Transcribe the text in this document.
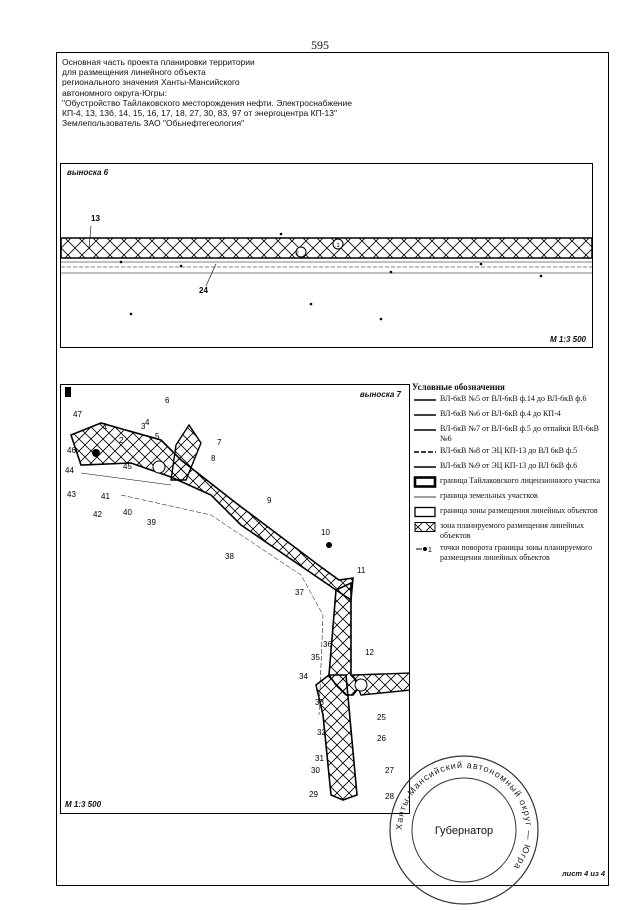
595
Основная часть проекта планировки территории
для размещения линейного объекта
регионального значения Ханты-Мансийского
автономного округа-Югры:
"Обустройство Тайлаковского месторождения нефти. Электроснабжение
КП-4, 13, 13б, 14, 15, 16, 17, 18, 27, 30, 83, 97 от энергоцентра КП-13"
Землепользователь ЗАО "Обьнефтегеология"
выноска 6
13
24
2
1
М 1:3 500
1
2
3 4
5
6
7
8
9
10
11
12
25
26
27
28
29
30
31
32
33
34
35
36
37
38
39
40
41
42
43
44	45
46
47
выноска 7
М 1:3 500
Условные обозначения
ВЛ-6кВ №5 от ВЛ-6кВ ф.14 до ВЛ-6кВ ф.6
ВЛ-6кВ №6 от ВЛ-6кВ ф.4 до КП-4
ВЛ-6кВ №7 от ВЛ-6кВ ф.5 до отпайки ВЛ-6кВ №6
ВЛ-6кВ №8 от ЭЦ КП-13 до ВЛ 6кВ ф.5
ВЛ-6кВ №9 от ЭЦ КП-13 до ВЛ 6кВ ф.6
граница Тайлаковского лицензионного участка
граница земельных участков
граница зоны размещения линейных объектов
зона планируемого размещения линейных объектов
1 точки поворота границы зоны планируемого размещения линейных объектов
Ханты-Мансийский автономный округ — Югра
Губернатор
лист 4 из 4
